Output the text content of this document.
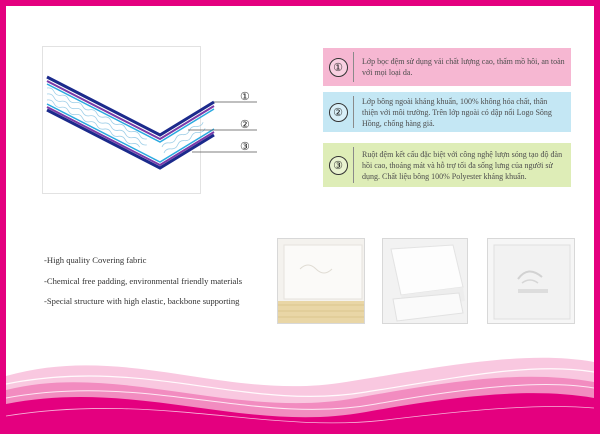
①
②
③
①	Lớp bọc đệm sử dụng vải chất lượng cao, thấm mồ hôi, an toàn với mọi loại da.
②
Lớp bông ngoài kháng khuẩn, 100% không hóa chất, thân thiện với môi trường. Trên lớp ngoài có dập nổi Logo Sông Hồng, chống hàng giả.
③
Ruột đệm kết cấu đặc biệt với công nghệ lượn sóng tạo độ đàn hồi cao, thoáng mát và hỗ trợ tối đa sống lưng của người sử dụng. Chất liệu bông 100% Polyester kháng khuẩn.
-High quality Covering fabric
-Chemical free padding, environmental friendly materials
-Special structure with high elastic, backbone supporting
